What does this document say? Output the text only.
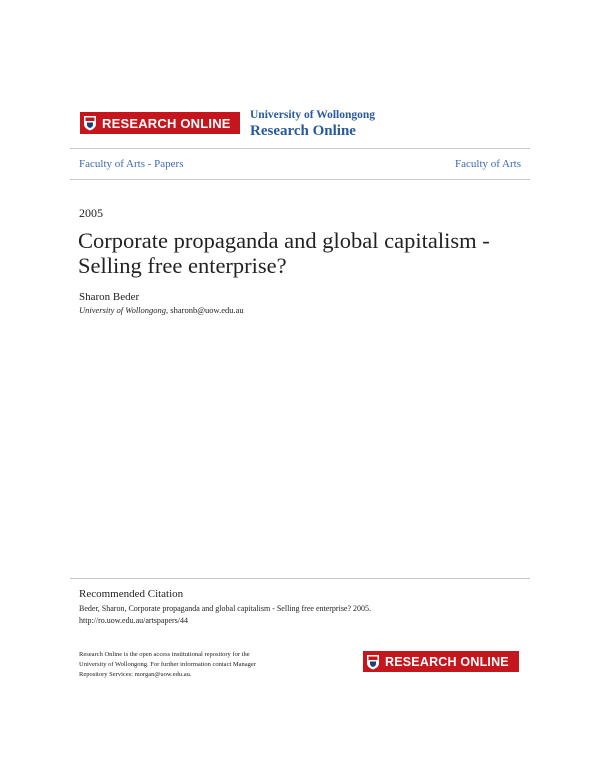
RESEARCH ONLINE
University of Wollongong
Research Online
Faculty of Arts - Papers	Faculty of Arts
2005
Corporate propaganda and global capitalism - Selling free enterprise?
Sharon Beder
University of Wollongong, sharonb@uow.edu.au
Recommended Citation
Beder, Sharon, Corporate propaganda and global capitalism - Selling free enterprise? 2005.
http://ro.uow.edu.au/artspapers/44
Research Online is the open access institutional repository for the
University of Wollongong. For further information contact Manager
Repository Services: morgan@uow.edu.au.
RESEARCH ONLINE
